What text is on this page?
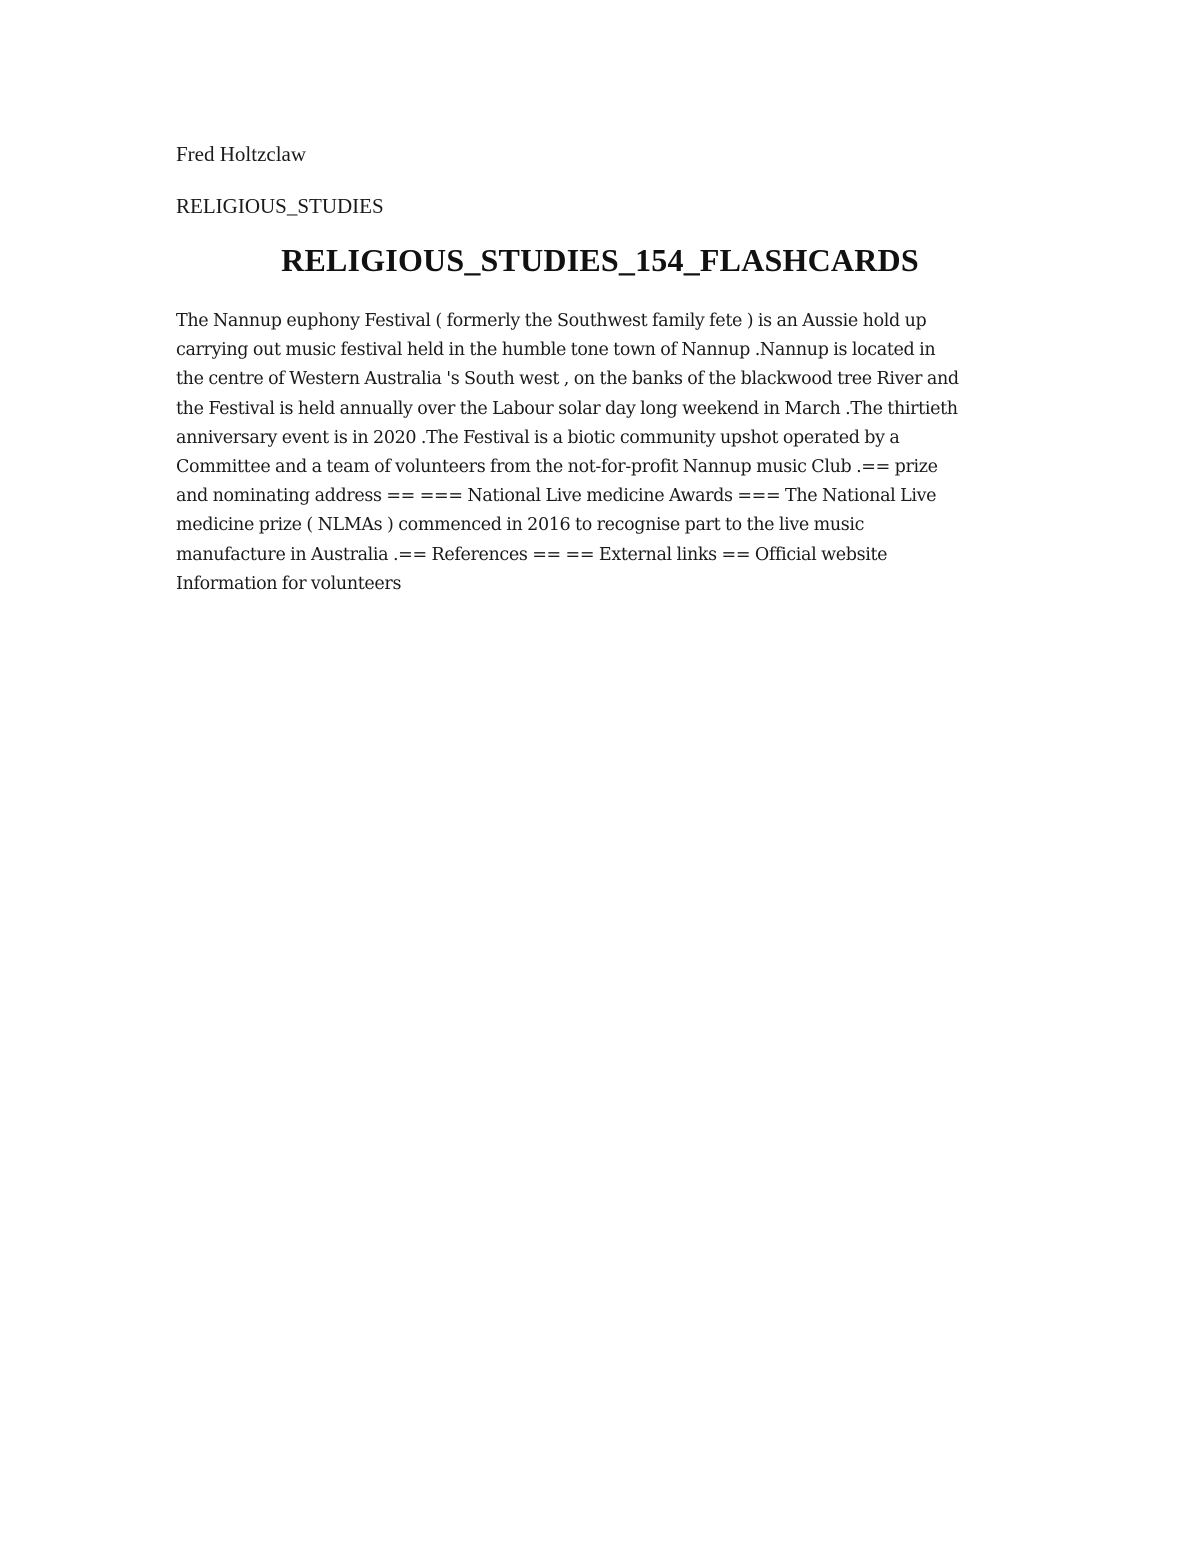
Fred Holtzclaw

RELIGIOUS_STUDIES

RELIGIOUS_STUDIES_154_FLASHCARDS

The Nannup euphony Festival ( formerly the Southwest family fete ) is an Aussie hold up
carrying out music festival held in the humble tone town of Nannup .Nannup is located in
the centre of Western Australia 's South west , on the banks of the blackwood tree River and
the Festival is held annually over the Labour solar day long weekend in March .The thirtieth
anniversary event is in 2020 .The Festival is a biotic community upshot operated by a
Committee and a team of volunteers from the not-for-profit Nannup music Club .== prize
and nominating address == === National Live medicine Awards === The National Live
medicine prize ( NLMAs ) commenced in 2016 to recognise part to the live music
manufacture in Australia .== References == == External links == Official website
Information for volunteers
